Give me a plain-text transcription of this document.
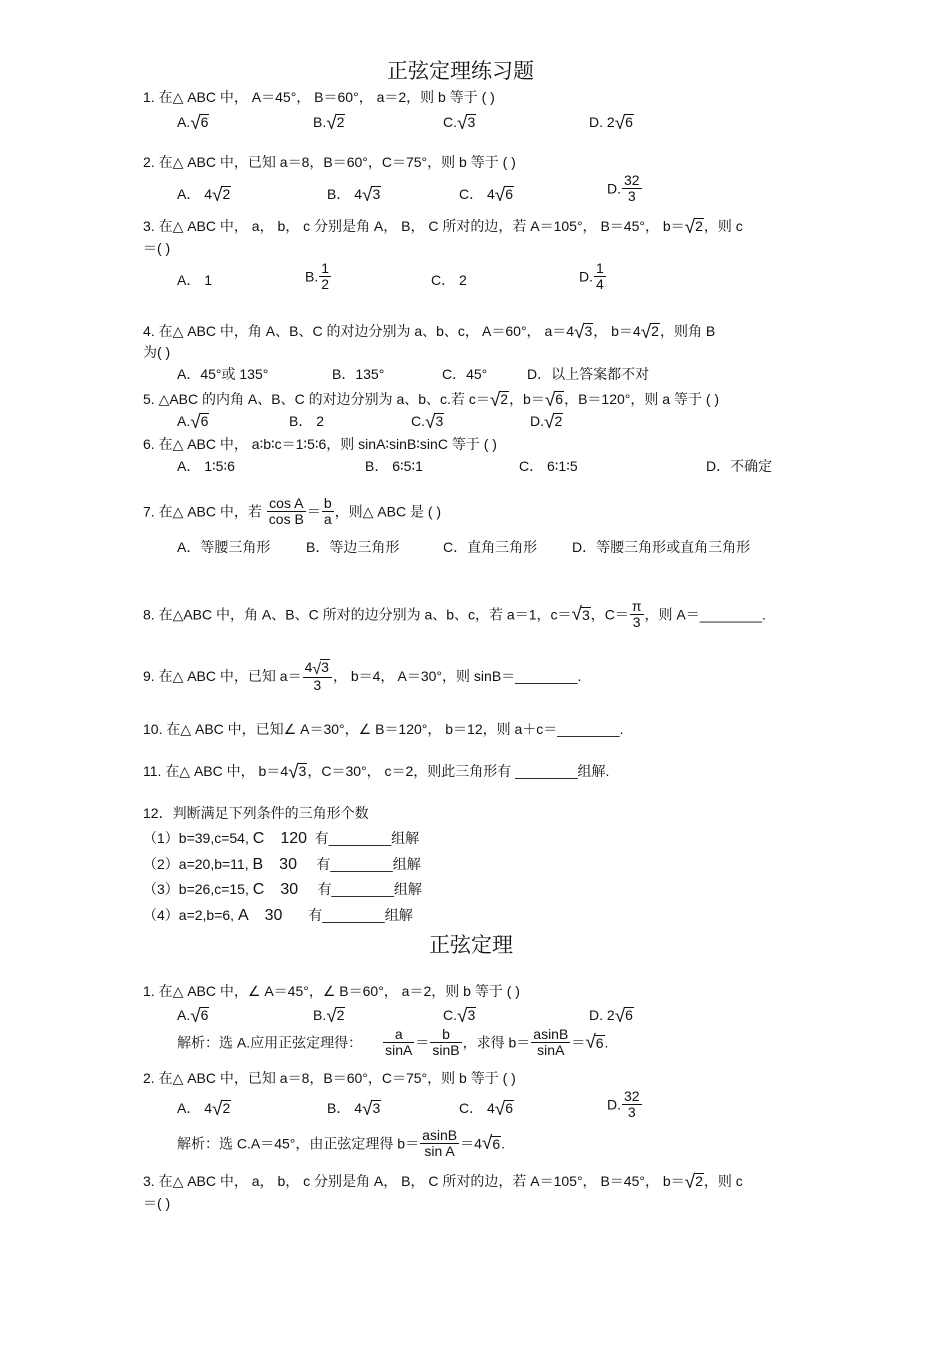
正弦定理练习题
1. 在△ ABC 中， A＝45°， B＝60°， a＝2，则 b 等于 ( )
A.√6	B.√2	C.√3	D. 2√6
2. 在△ ABC 中，已知 a＝8，B＝60°，C＝75°，则 b 等于 ( )
A． 4√2	B． 4√3	C． 4√6	D. $\frac{32}{3}$
3. 在△ ABC 中， a， b， c 分别是角 A， B， C 所对的边，若 A＝105°， B＝45°， b＝√2，则 c
＝( )
A． 1	B. $\frac{1}{2}$	C． 2	D. $\frac{1}{4}$
4. 在△ ABC 中，角 A、B、C 的对边分别为 a、b、c， A＝60°， a＝4√3， b＝4√2，则角 B
为( )
A．45°或 135°	B．135°	C．45°	D．以上答案都不对
5. △ABC 的内角 A、B、C 的对边分别为 a、b、c.若 c＝√2，b＝√6，B＝120°，则 a 等于 ( )
A.√6	B． 2	C.√3	D.√2
6. 在△ ABC 中， a∶b∶c＝1∶5∶6，则 sinA∶sinB∶sinC 等于 ( )
A． 1∶5∶6	B． 6∶5∶1	C． 6∶1∶5	D．不确定
7. 在△ ABC 中，若 $\frac{\text{cos A}}{\text{cos B}} = \frac{b}{a}$ ，则△ ABC 是 ( )
A．等腰三角形	B．等边三角形	C．直角三角形 D．等腰三角形或直角三角形
8. 在△ABC 中，角 A、B、C 所对的边分别为 a、b、c，若 a＝1，c＝√3，$C= \frac{\pi}{3}$ ，则 A＝________.
9. 在△ ABC 中，已知 $a= \frac{4√3}{3}$ ， b＝4， A＝30°，则 sinB＝________.
10. 在△ ABC 中，已知∠ A＝30°，∠ B＝120°， b＝12，则 a＋c＝________.
11. 在△ ABC 中， b＝4√3，C＝30°， c＝2，则此三角形有 ________组解.
12．判断满足下列条件的三角形个数
（1）b=39,c=54, C 120 有________组解
（2）a=20,b=11, B 30 有________组解
（3）b=26,c=15, C 30 有________组解
（4）a=2,b=6, A 30 有________组解
正弦定理
1. 在△ ABC 中，∠ A＝45°，∠ B＝60°， a＝2，则 b 等于 ( )
A.√6	B.√2	C.√3	D. 2√6
解析：选 A.应用正弦定理得： $\frac{a}{\sin A} = \frac{b}{\sin B}$ ，求得 $b= \frac{asinB}{\sin A} =√6$.
2. 在△ ABC 中，已知 a＝8，B＝60°，C＝75°，则 b 等于 ( )
A． 4√2	B． 4√3	C． 4√6	D. $\frac{32}{3}$
解析：选 C.A＝45°，由正弦定理得 $b= \frac{asinB}{\text{sin A}} =4√6$.
3. 在△ ABC 中， a， b， c 分别是角 A， B， C 所对的边，若 A＝105°， B＝45°， b＝√2，则 c
＝( )
